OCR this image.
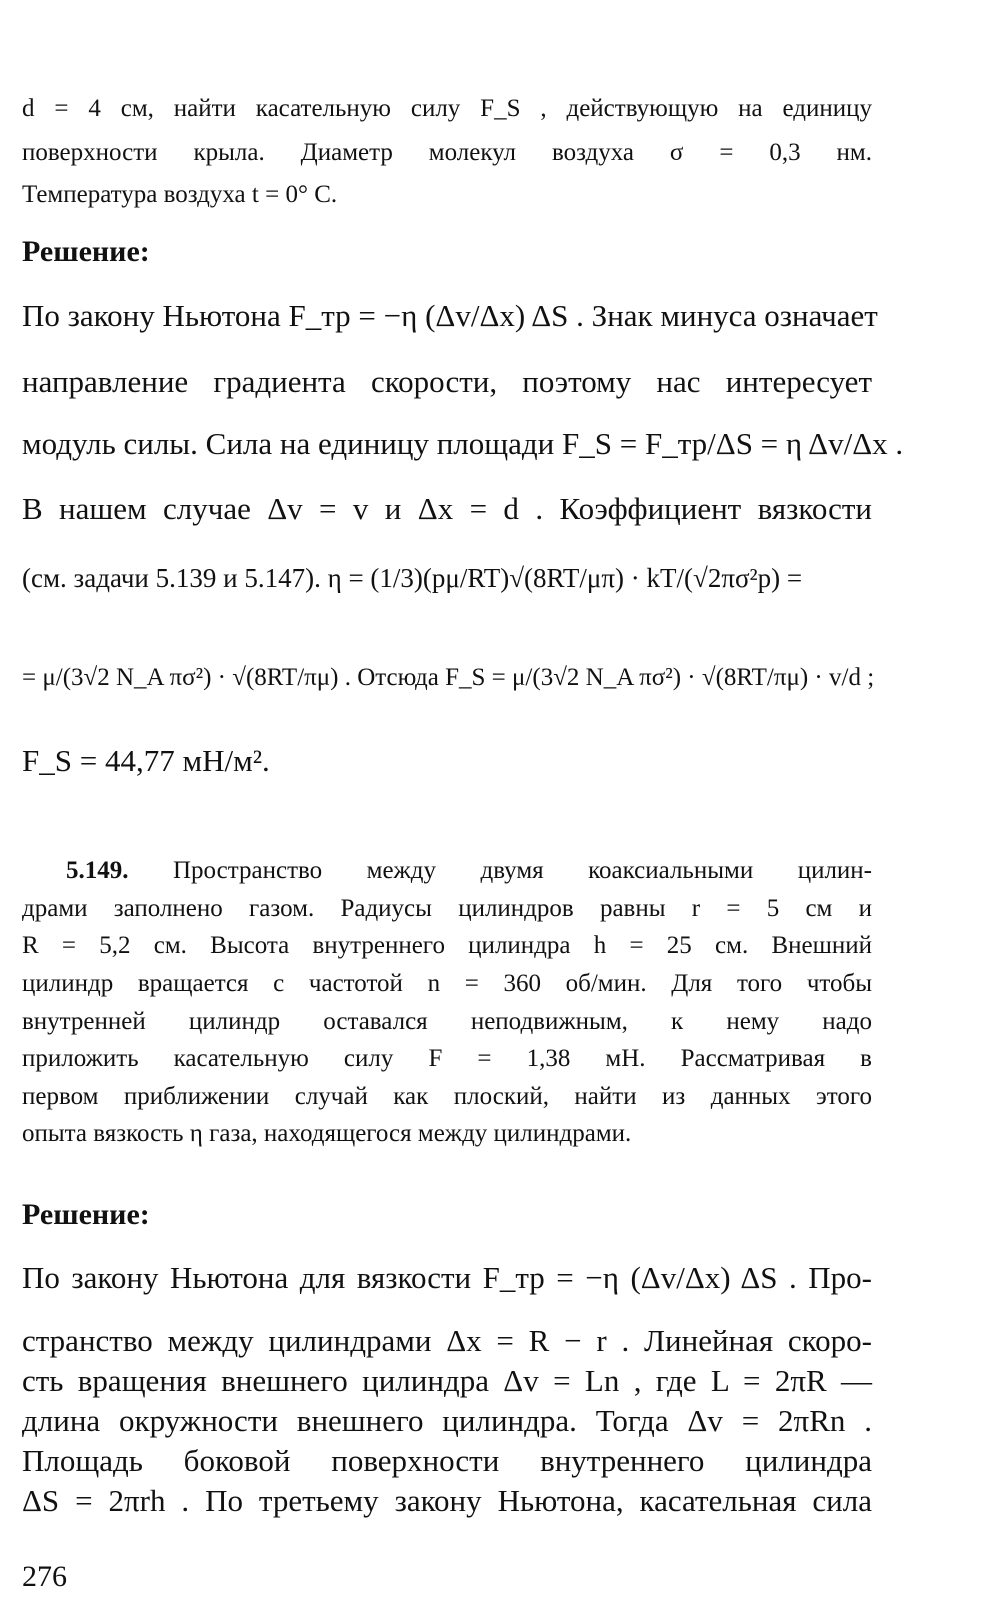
d = 4 см, найти касательную силу F_S , действующую на единицу
поверхности крыла. Диаметр молекул воздуха σ = 0,3 нм.
Температура воздуха t = 0° C.
Решение:
По закону Ньютона F_тр = −η (Δv/Δx) ΔS . Знак минуса означает
направление градиента скорости, поэтому нас интересует
модуль силы. Сила на единицу площади F_S = F_тр/ΔS = η Δv/Δx .
В нашем случае Δv = v и Δx = d . Коэффициент вязкости
(см. задачи 5.139 и 5.147). η = (1/3)(pμ/RT)√(8RT/μπ) · kT/(√2πσ²p) =
= μ/(3√2 N_A πσ²) · √(8RT/πμ) . Отсюда F_S = μ/(3√2 N_A πσ²) · √(8RT/πμ) · v/d ;
F_S = 44,77 мН/м².
5.149. Пространство между двумя коаксиальными цилин-
драми заполнено газом. Радиусы цилиндров равны r = 5 см и
R = 5,2 см. Высота внутреннего цилиндра h = 25 см. Внешний
цилиндр вращается с частотой n = 360 об/мин. Для того чтобы
внутренней цилиндр оставался неподвижным, к нему надо
приложить касательную силу F = 1,38 мН. Рассматривая в
первом приближении случай как плоский, найти из данных этого
опыта вязкость η газа, находящегося между цилиндрами.
Решение:
По закону Ньютона для вязкости F_тр = −η (Δv/Δx) ΔS . Про-
странство между цилиндрами Δx = R − r . Линейная скоро-
сть вращения внешнего цилиндра Δv = Ln , где L = 2πR —
длина окружности внешнего цилиндра. Тогда Δv = 2πRn .
Площадь боковой поверхности внутреннего цилиндра
ΔS = 2πrh . По третьему закону Ньютона, касательная сила
276
